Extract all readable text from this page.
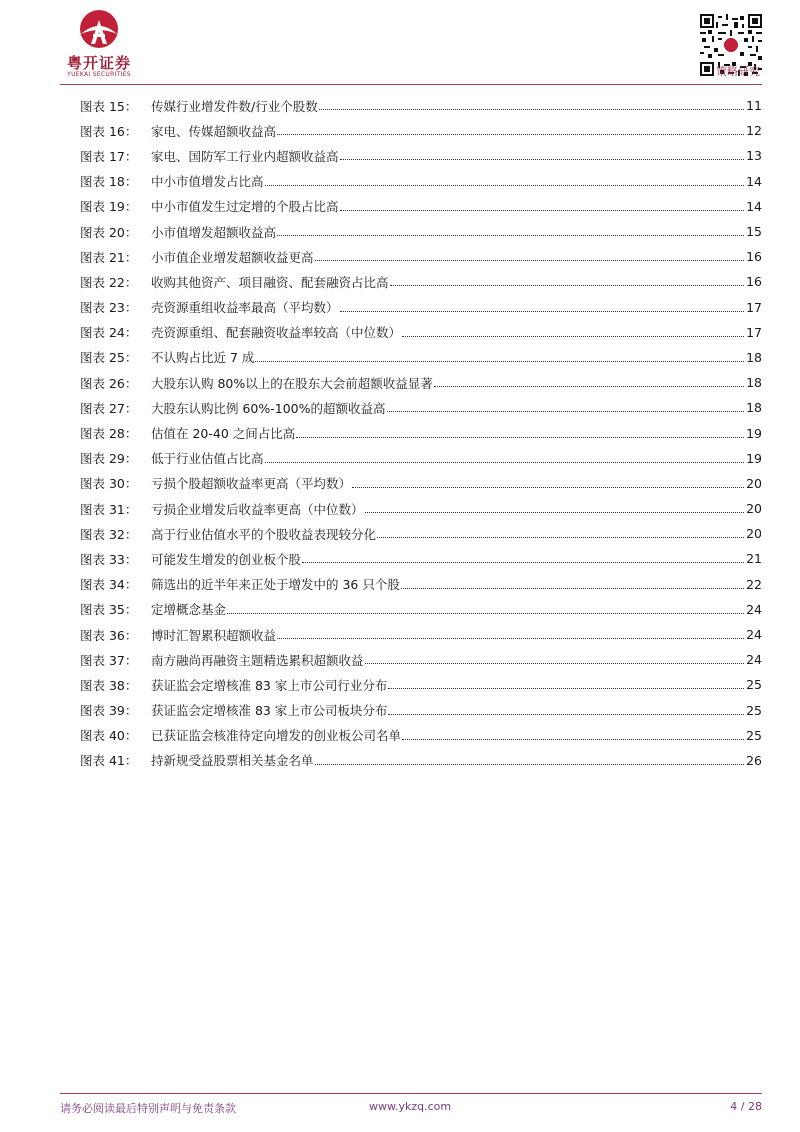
粤开证券
YUEKAI SECURITIES	策略研究
图表 15：	传媒行业增发件数/行业个股数	11
图表 16：	家电、传媒超额收益高	12
图表 17：	家电、国防军工行业内超额收益高	13
图表 18：	中小市值增发占比高	14
图表 19：	中小市值发生过定增的个股占比高	14
图表 20：	小市值增发超额收益高	15
图表 21：	小市值企业增发超额收益更高	16
图表 22：	收购其他资产、项目融资、配套融资占比高	16
图表 23：	壳资源重组收益率最高（平均数）	17
图表 24：	壳资源重组、配套融资收益率较高（中位数）	17
图表 25：	不认购占比近 7 成	18
图表 26：	大股东认购 80%以上的在股东大会前超额收益显著	18
图表 27：	大股东认购比例 60%-100%的超额收益高	18
图表 28：	估值在 20-40 之间占比高	19
图表 29：	低于行业估值占比高	19
图表 30：	亏损个股超额收益率更高（平均数）	20
图表 31：	亏损企业增发后收益率更高（中位数）	20
图表 32：	高于行业估值水平的个股收益表现较分化	20
图表 33：	可能发生增发的创业板个股	21
图表 34：	筛选出的近半年来正处于增发中的 36 只个股	22
图表 35：	定增概念基金	24
图表 36：	博时汇智累积超额收益	24
图表 37：	南方融尚再融资主题精选累积超额收益	24
图表 38：	获证监会定增核准 83 家上市公司行业分布	25
图表 39：	获证监会定增核准 83 家上市公司板块分布	25
图表 40：	已获证监会核准待定向增发的创业板公司名单	25
图表 41：	持新规受益股票相关基金名单	26
请务必阅读最后特别声明与免责条款	www.ykzq.com	4 / 28
